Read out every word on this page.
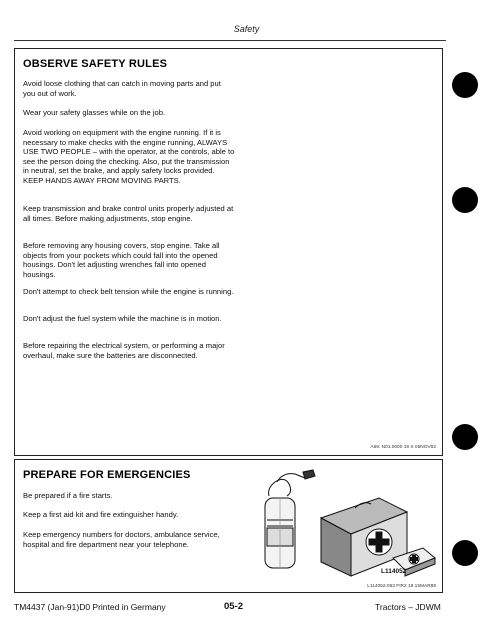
Safety
OBSERVE SAFETY RULES

Avoid loose clothing that can catch in moving parts and put you out of work.

Wear your safety glasses while on the job.

Avoid working on equipment with the engine running. If it is necessary to make checks with the engine running, ALWAYS USE TWO PEOPLE – with the operator, at the controls, able to see the person doing the checking. Also, put the transmission in neutral, set the brake, and apply safety locks provided. KEEP HANDS AWAY FROM MOVING PARTS.

Keep transmission and brake control units properly adjusted at all times. Before making adjustments, stop engine.

Before removing any housing covers, stop engine. Take all objects from your pockets which could fall into the opened housings. Don't let adjusting wrenches fall into opened housings.

Don't attempt to check belt tension while the engine is running.

Don't adjust the fuel system while the machine is in motion.

Before repairing the electrical system, or performing a major overhaul, make sure the batteries are disconnected.

A69: N01.0000 19 S 05NOV82
PREPARE FOR EMERGENCIES

Be prepared if a fire starts.

Keep a first aid kit and fire extinguisher handy.

Keep emergency numbers for doctors, ambulance service, hospital and fire department near your telephone.

L114052
L114052.053 FIR2 19 15MAR89
TM4437 (Jan-91)D0 Printed in Germany	05-2	Tractors – JDWM
